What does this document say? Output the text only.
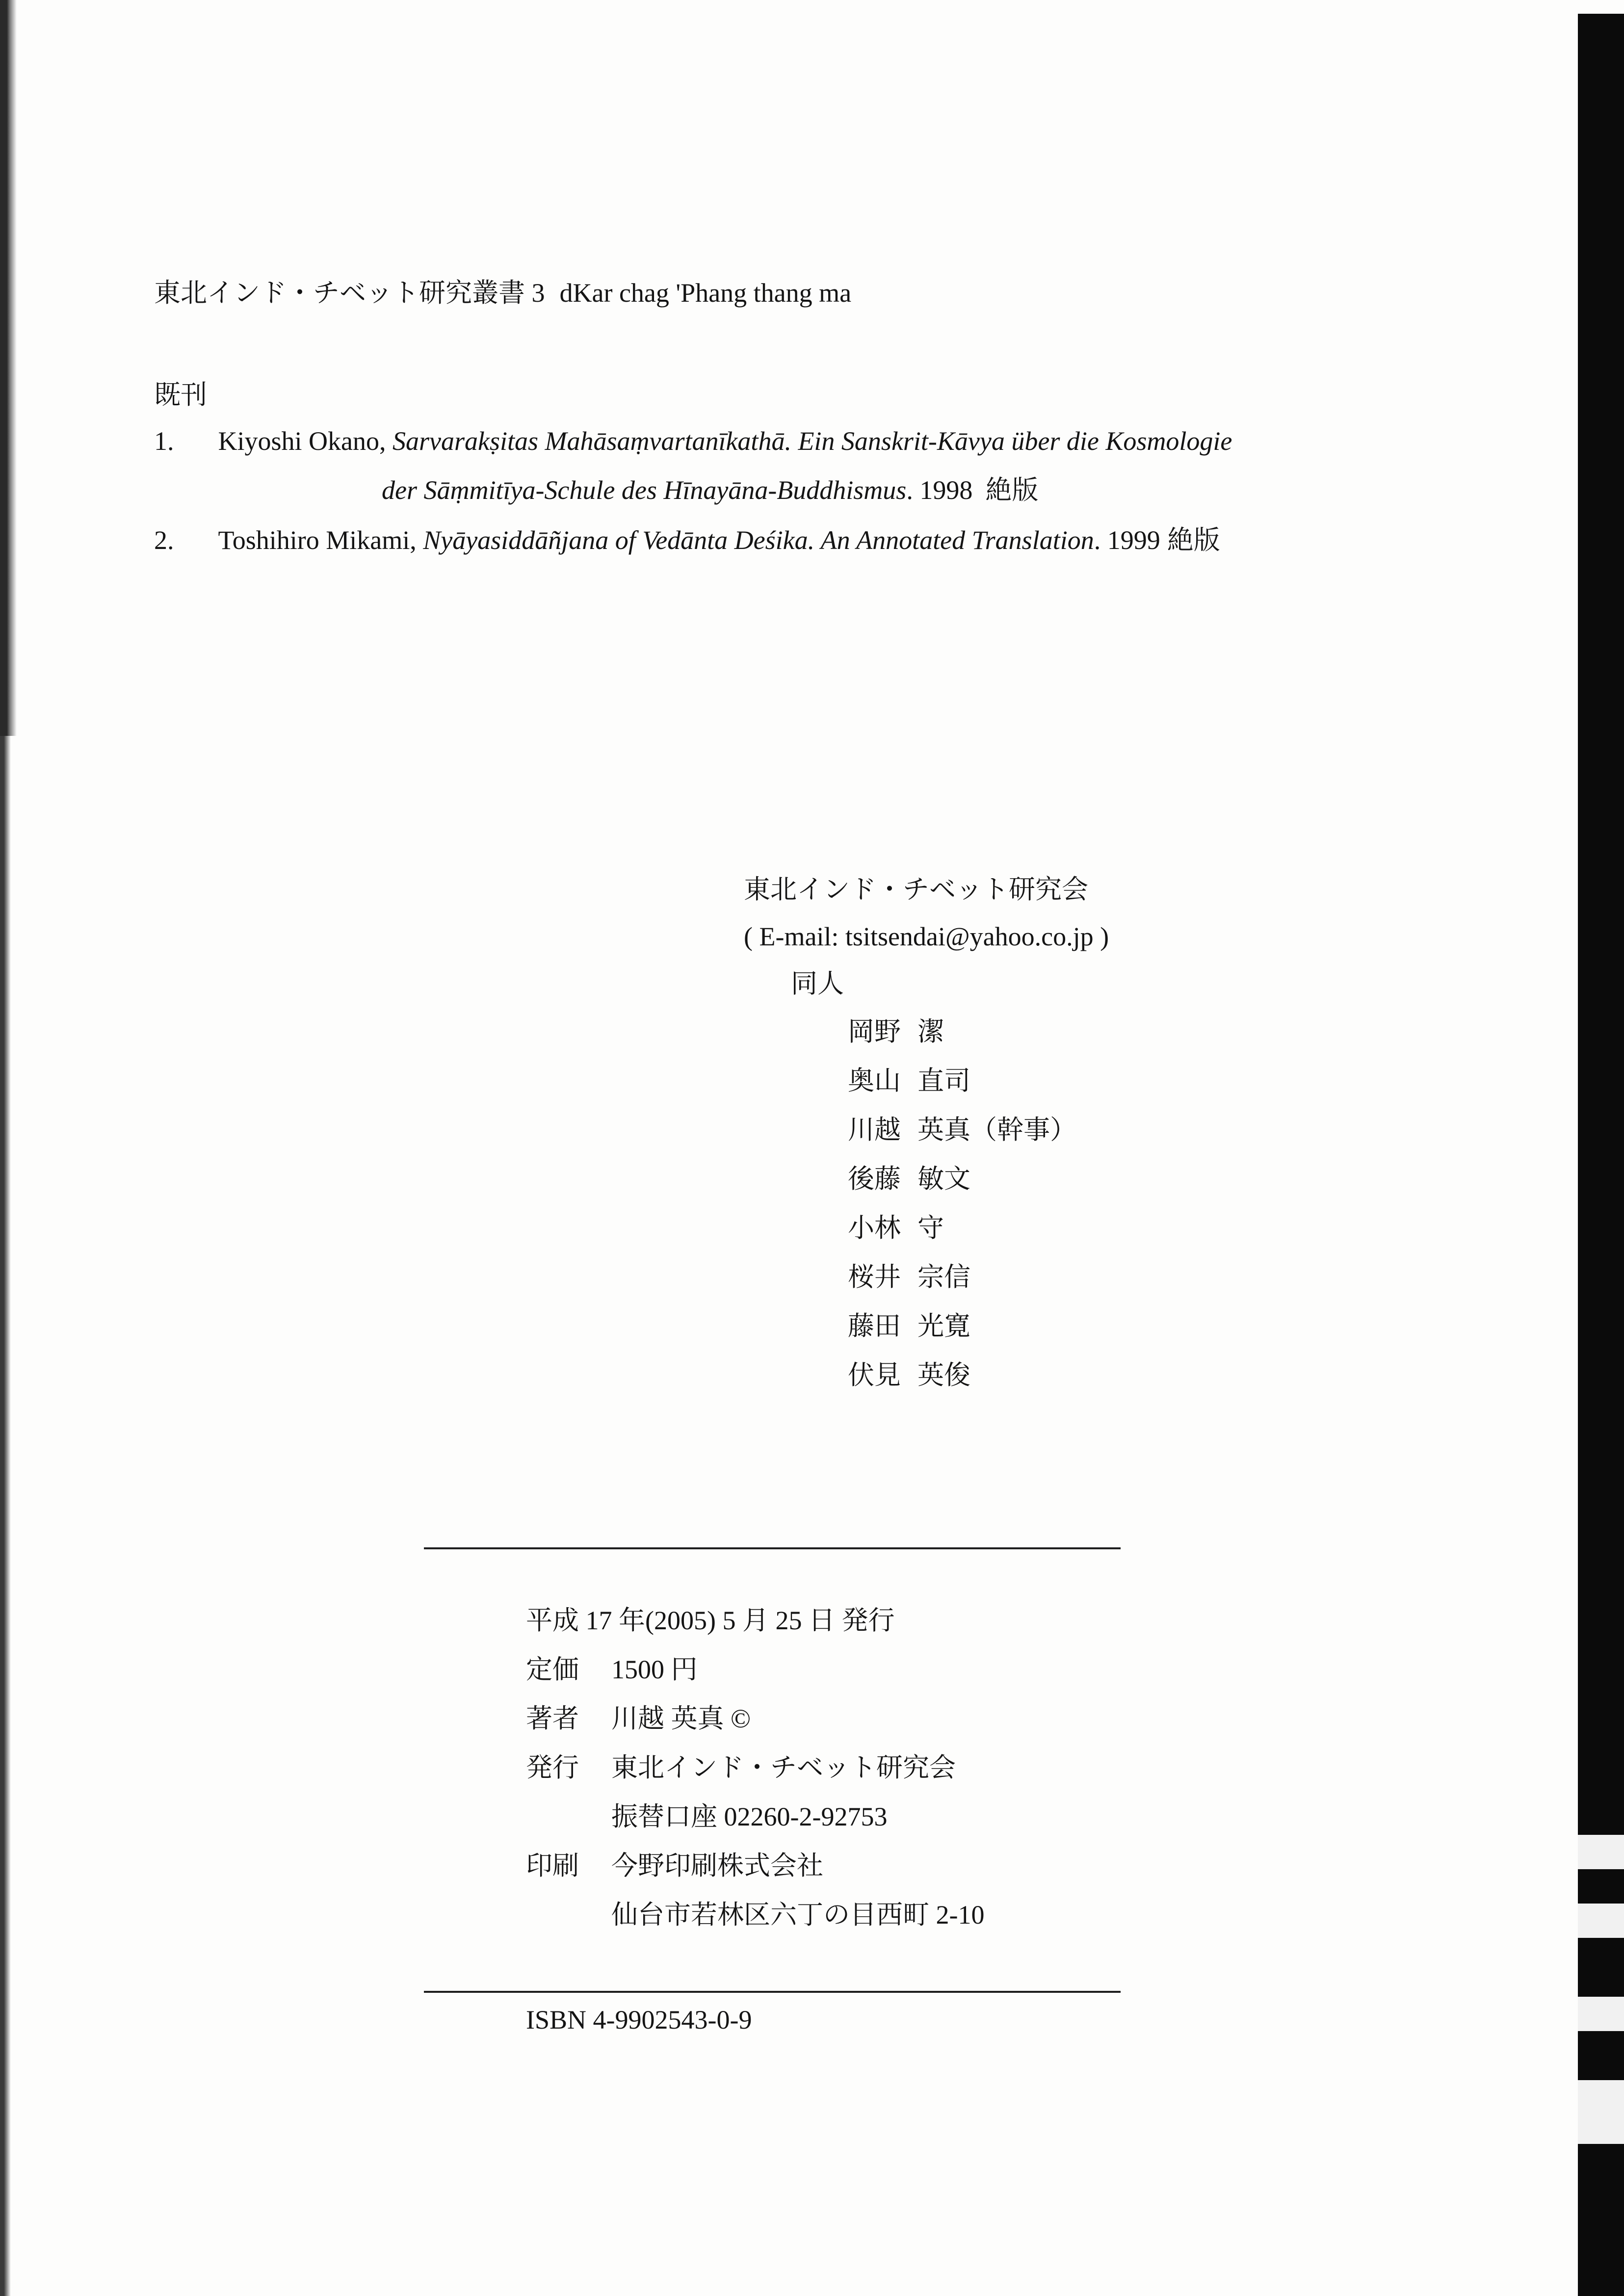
東北インド・チベット研究叢書 3 dKar chag 'Phang thang ma
既刊
1. Kiyoshi Okano, Sarvarakṣitas Mahāsaṃvartanīkathā. Ein Sanskrit-Kāvya über die Kosmologie
der Sāṃmitīya-Schule des Hīnayāna-Buddhismus. 1998 絶版
2. Toshihiro Mikami, Nyāyasiddāñjana of Vedānta Deśika. An Annotated Translation. 1999 絶版
東北インド・チベット研究会
( E-mail: tsitsendai@yahoo.co.jp )
同人
岡野 潔
奥山 直司
川越 英真（幹事）
後藤 敏文
小林 守
桜井 宗信
藤田 光寛
伏見 英俊
平成 17 年(2005) 5 月 25 日 発行
定価 1500 円
著者 川越 英真 ©
発行 東北インド・チベット研究会
振替口座 02260-2-92753
印刷 今野印刷株式会社
仙台市若林区六丁の目西町 2-10
ISBN 4-9902543-0-9
